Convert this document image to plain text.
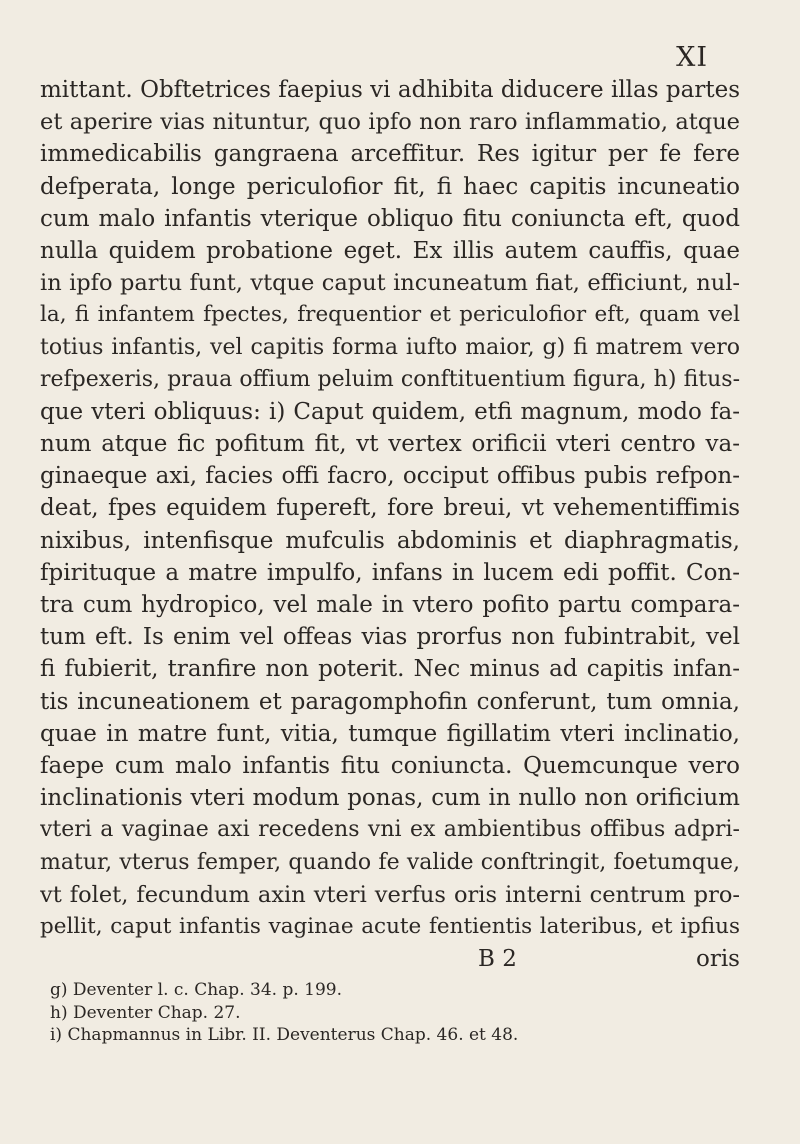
XI
mittant. Obftetrices faepius vi adhibita diducere illas partes
et aperire vias nituntur, quo ipfo non raro inflammatio, atque
immedicabilis gangraena arceffitur. Res igitur per fe fere
defperata, longe periculofior fit, fi haec capitis incuneatio
cum malo infantis vterique obliquo fitu coniuncta eft, quod
nulla quidem probatione eget. Ex illis autem cauffis, quae
in ipfo partu funt, vtque caput incuneatum fiat, efficiunt, nul-
la, fi infantem fpectes, frequentior et periculofior eft, quam vel
totius infantis, vel capitis forma iufto maior, g) fi matrem vero
refpexeris, praua offium peluim conftituentium figura, h) fitus-
que vteri obliquus: i) Caput quidem, etfi magnum, modo fa-
num atque fic pofitum fit, vt vertex orificii vteri centro va-
ginaeque axi, facies offi facro, occiput offibus pubis refpon-
deat, fpes equidem fupereft, fore breui, vt vehementiffimis
nixibus, intenfisque mufculis abdominis et diaphragmatis,
fpirituque a matre impulfo, infans in lucem edi poffit. Con-
tra cum hydropico, vel male in vtero pofito partu compara-
tum eft. Is enim vel offeas vias prorfus non fubintrabit, vel
fi fubierit, tranfire non poterit. Nec minus ad capitis infan-
tis incuneationem et paragomphofin conferunt, tum omnia,
quae in matre funt, vitia, tumque figillatim vteri inclinatio,
faepe cum malo infantis fitu coniuncta. Quemcunque vero
inclinationis vteri modum ponas, cum in nullo non orificium
vteri a vaginae axi recedens vni ex ambientibus offibus adpri-
matur, vterus femper, quando fe valide conftringit, foetumque,
vt folet, fecundum axin vteri verfus oris interni centrum pro-
pellit, caput infantis vaginae acute fentientis lateribus, et ipfius
B 2	oris
g) Deventer l. c. Chap. 34. p. 199.
h) Deventer Chap. 27.
i) Chapmannus in Libr. II. Deventerus Chap. 46. et 48.
